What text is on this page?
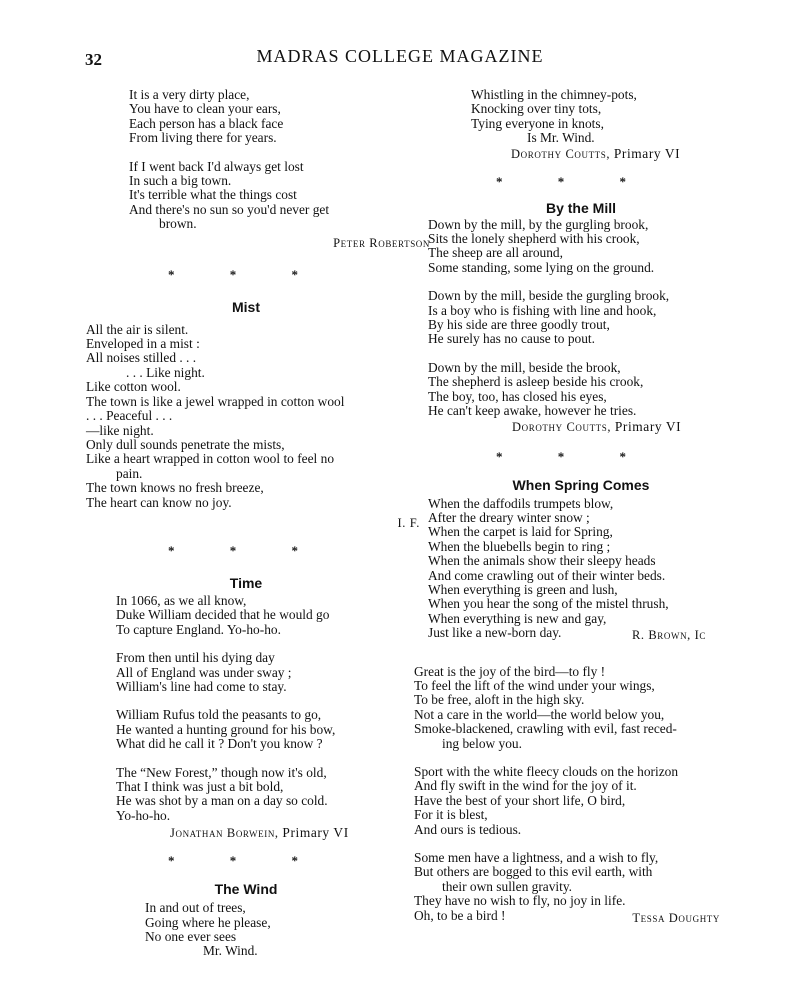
32	MADRAS COLLEGE MAGAZINE
It is a very dirty place,
You have to clean your ears,
Each person has a black face
From living there for years.
If I went back I'd always get lost
In such a big town.
It's terrible what the things cost
And there's no sun so you'd never get
brown.
Peter Robertson
* * *
Mist
All the air is silent.
Enveloped in a mist :
All noises stilled . . .
. . . Like night.
Like cotton wool.
The town is like a jewel wrapped in cotton wool
. . . Peaceful . . .
—like night.
Only dull sounds penetrate the mists,
Like a heart wrapped in cotton wool to feel no
pain.
The town knows no fresh breeze,
The heart can know no joy.
I. F.
* * *
Time
In 1066, as we all know,
Duke William decided that he would go
To capture England. Yo-ho-ho.
From then until his dying day
All of England was under sway ;
William's line had come to stay.
William Rufus told the peasants to go,
He wanted a hunting ground for his bow,
What did he call it ? Don't you know ?
The “New Forest,” though now it's old,
That I think was just a bit bold,
He was shot by a man on a day so cold.
Yo-ho-ho.
Jonathan Borwein, Primary VI
* * *
The Wind
In and out of trees,
Going where he please,
No one ever sees
Mr. Wind.
Whistling in the chimney-pots,
Knocking over tiny tots,
Tying everyone in knots,
Is Mr. Wind.
Dorothy Coutts, Primary VI
* * *
By the Mill
Down by the mill, by the gurgling brook,
Sits the lonely shepherd with his crook,
The sheep are all around,
Some standing, some lying on the ground.
Down by the mill, beside the gurgling brook,
Is a boy who is fishing with line and hook,
By his side are three goodly trout,
He surely has no cause to pout.
Down by the mill, beside the brook,
The shepherd is asleep beside his crook,
The boy, too, has closed his eyes,
He can't keep awake, however he tries.
Dorothy Coutts, Primary VI
* * *
When Spring Comes
When the daffodils trumpets blow,
After the dreary winter snow ;
When the carpet is laid for Spring,
When the bluebells begin to ring ;
When the animals show their sleepy heads
And come crawling out of their winter beds.
When everything is green and lush,
When you hear the song of the mistel thrush,
When everything is new and gay,
Just like a new-born day.	R. Brown, Ic
Great is the joy of the bird—to fly !
To feel the lift of the wind under your wings,
To be free, aloft in the high sky.
Not a care in the world—the world below you,
Smoke-blackened, crawling with evil, fast reced-
ing below you.
Sport with the white fleecy clouds on the horizon
And fly swift in the wind for the joy of it.
Have the best of your short life, O bird,
For it is blest,
And ours is tedious.
Some men have a lightness, and a wish to fly,
But others are bogged to this evil earth, with
their own sullen gravity.
They have no wish to fly, no joy in life.
Oh, to be a bird !	Tessa Doughty
